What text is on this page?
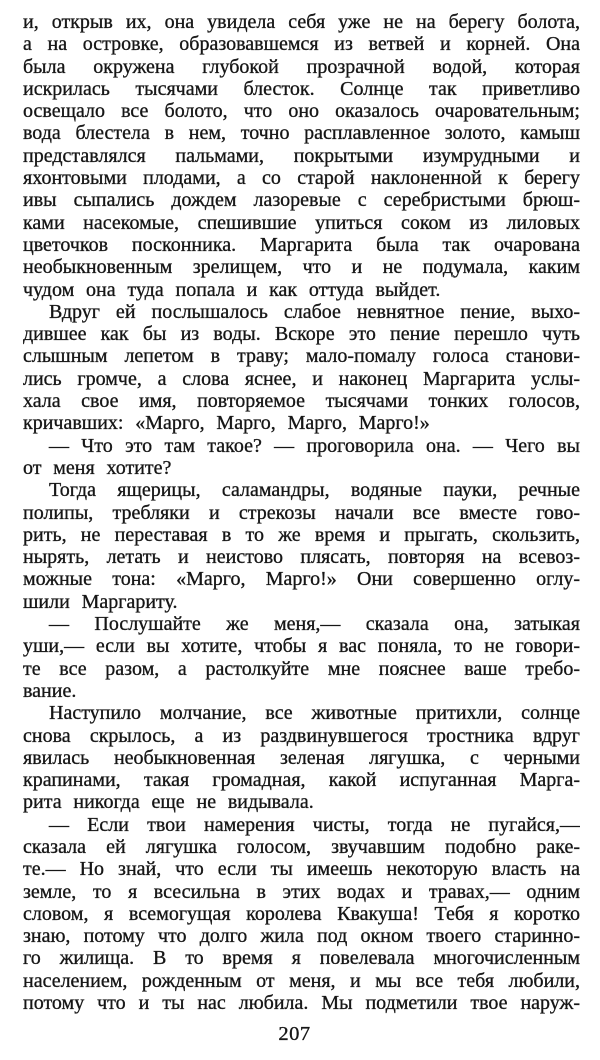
и, открыв их, она увидела себя уже не на берегу болота,
а на островке, образовавшемся из ветвей и корней. Она
была окружена глубокой прозрачной водой, которая
искрилась тысячами блесток. Солнце так приветливо
освещало все болото, что оно оказалось очаровательным;
вода блестела в нем, точно расплавленное золото, камыш
представлялся пальмами, покрытыми изумрудными и
яхонтовыми плодами, а со старой наклоненной к берегу
ивы сыпались дождем лазоревые с серебристыми брюш-
ками насекомые, спешившие упиться соком из лиловых
цветочков посконника. Маргарита была так очарована
необыкновенным зрелищем, что и не подумала, каким
чудом она туда попала и как оттуда выйдет.
Вдруг ей послышалось слабое невнятное пение, выхо-
дившее как бы из воды. Вскоре это пение перешло чуть
слышным лепетом в траву; мало-помалу голоса станови-
лись громче, а слова яснее, и наконец Маргарита услы-
хала свое имя, повторяемое тысячами тонких голосов,
кричавших: «Марго, Марго, Марго, Марго!»
— Что это там такое? — проговорила она. — Чего вы
от меня хотите?
Тогда ящерицы, саламандры, водяные пауки, речные
полипы, требляки и стрекозы начали все вместе гово-
рить, не переставая в то же время и прыгать, скользить,
нырять, летать и неистово плясать, повторяя на всевоз-
можные тона: «Марго, Марго!» Они совершенно оглу-
шили Маргариту.
— Послушайте же меня,— сказала она, затыкая
уши,— если вы хотите, чтобы я вас поняла, то не говори-
те все разом, а растолкуйте мне пояснее ваше требо-
вание.
Наступило молчание, все животные притихли, солнце
снова скрылось, а из раздвинувшегося тростника вдруг
явилась необыкновенная зеленая лягушка, с черными
крапинами, такая громадная, какой испуганная Марга-
рита никогда еще не видывала.
— Если твои намерения чисты, тогда не пугайся,—
сказала ей лягушка голосом, звучавшим подобно раке-
те.— Но знай, что если ты имеешь некоторую власть на
земле, то я всесильна в этих водах и травах,— одним
словом, я всемогущая королева Квакуша! Тебя я коротко
знаю, потому что долго жила под окном твоего старинно-
го жилища. В то время я повелевала многочисленным
населением, рожденным от меня, и мы все тебя любили,
потому что и ты нас любила. Мы подметили твое наруж-
207
